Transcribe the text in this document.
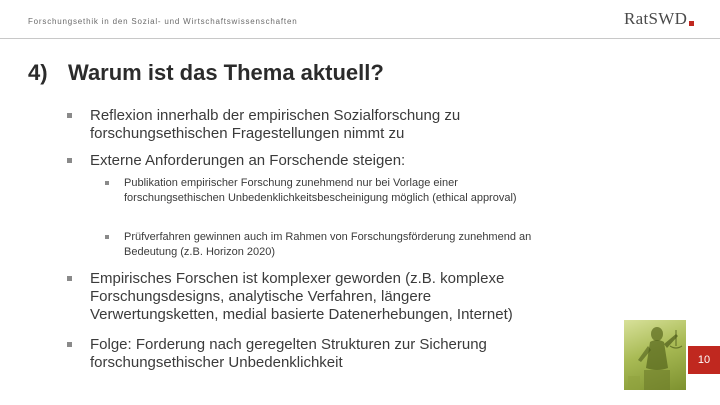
Forschungsethik in den Sozial- und Wirtschaftswissenschaften	RatSWD
4) Warum ist das Thema aktuell?
Reflexion innerhalb der empirischen Sozialforschung zu forschungsethischen Fragestellungen nimmt zu
Externe Anforderungen an Forschende steigen:
Publikation empirischer Forschung zunehmend nur bei Vorlage einer forschungsethischen Unbedenklichkeitsbescheinigung möglich (ethical approval)
Prüfverfahren gewinnen auch im Rahmen von Forschungsförderung zunehmend an Bedeutung (z.B. Horizon 2020)
Empirisches Forschen ist komplexer geworden (z.B. komplexe Forschungsdesigns, analytische Verfahren, längere Verwertungsketten, medial basierte Datenerhebungen, Internet)
Folge: Forderung nach geregelten Strukturen zur Sicherung forschungsethischer Unbedenklichkeit	10
